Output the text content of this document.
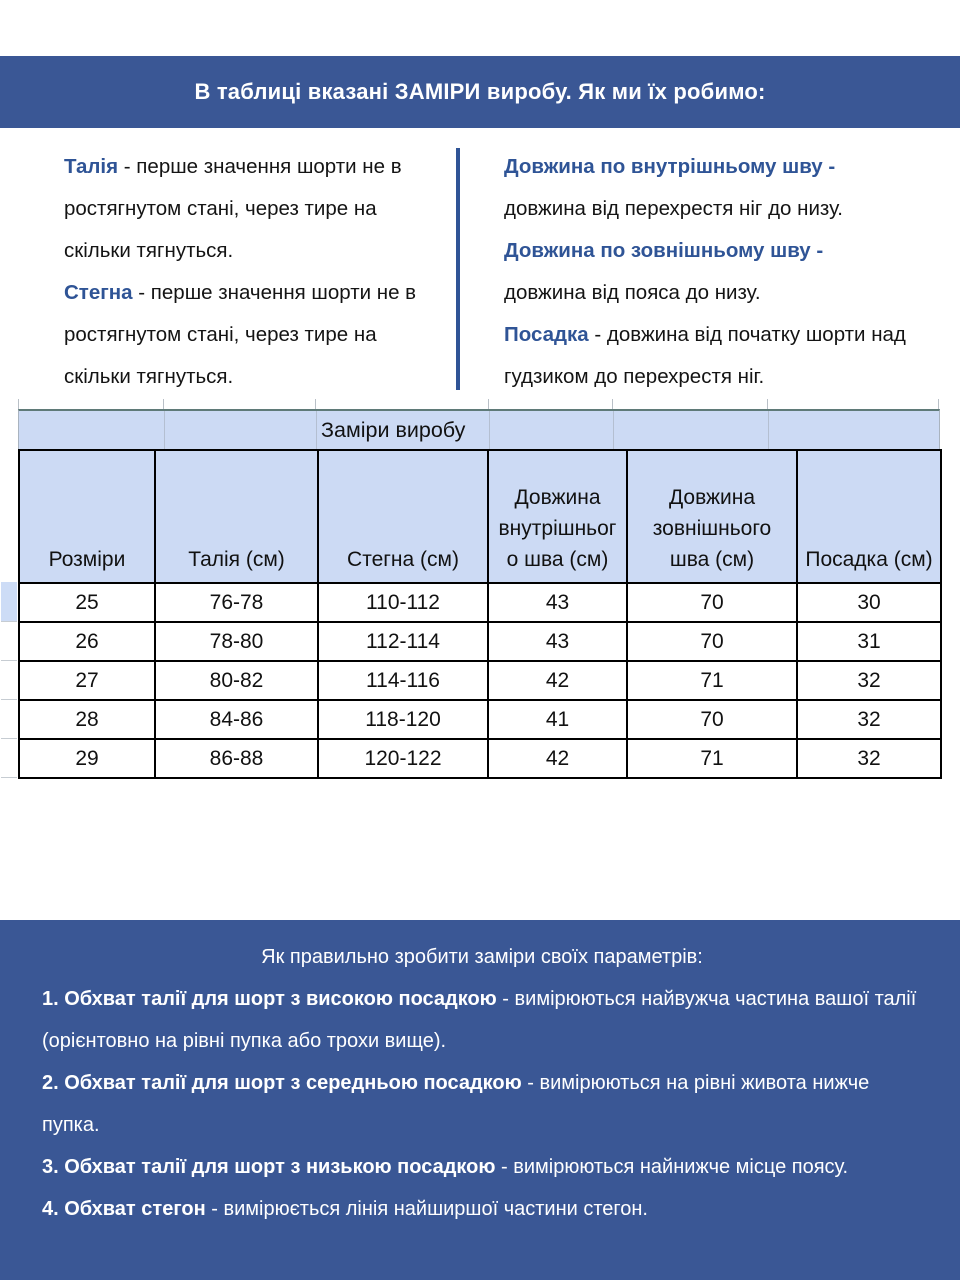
В таблиці вказані ЗАМІРИ виробу. Як ми їх робимо:

Талія - перше значення шорти не в ростягнутом стані, через тире на скільки тягнуться.

Стегна - перше значення шорти не в ростягнутом стані, через тире на скільки тягнуться.

Довжина по внутрішньому шву -
довжина від перехрестя ніг до низу.

Довжина по зовнішньому шву -
довжина від пояса до низу.

Посадка - довжина від початку шорти над гудзиком до перехрестя ніг.

Заміри виробу
Розміри	Талія (см)	Стегна (см)	Довжина внутрішнього шва (см)	Довжина зовнішнього шва (см)	Посадка (см)
25	76-78	110-112	43	70	30
26	78-80	112-114	43	70	31
27	80-82	114-116	42	71	32
28	84-86	118-120	41	70	32
29	86-88	120-122	42	71	32

Як правильно зробити заміри своїх параметрів:

1. Обхват талії для шорт з високою посадкою - вимірюються найвужча частина вашої талії (орієнтовно на рівні пупка або трохи вище).

2. Обхват талії для шорт з середньою посадкою - вимірюються на рівні живота нижче пупка.

3. Обхват талії для шорт з низькою посадкою - вимірюються найнижче місце поясу.

4. Обхват стегон - вимірюється лінія найширшої частини стегон.
